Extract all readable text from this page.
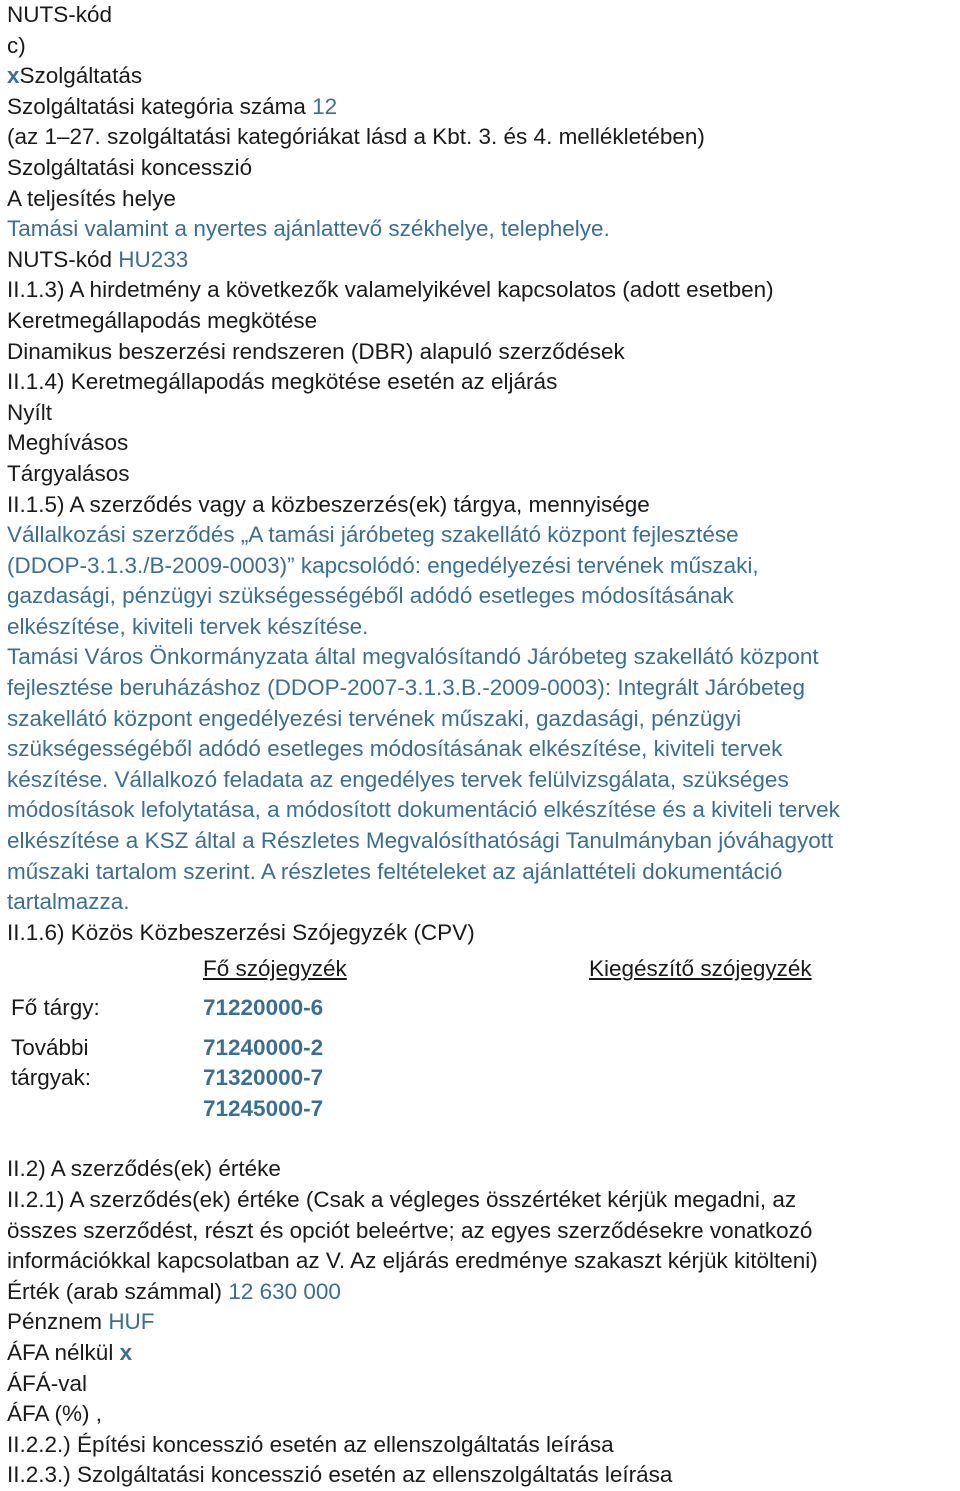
NUTS-kód
c)
xSzolgáltatás
Szolgáltatási kategória száma 12
(az 1–27. szolgáltatási kategóriákat lásd a Kbt. 3. és 4. mellékletében)
Szolgáltatási koncesszió
A teljesítés helye
Tamási valamint a nyertes ajánlattevő székhelye, telephelye.
NUTS-kód HU233
II.1.3) A hirdetmény a következők valamelyikével kapcsolatos (adott esetben)
Keretmegállapodás megkötése
Dinamikus beszerzési rendszeren (DBR) alapuló szerződések
II.1.4) Keretmegállapodás megkötése esetén az eljárás
Nyílt
Meghívásos
Tárgyalásos
II.1.5) A szerződés vagy a közbeszerzés(ek) tárgya, mennyisége
Vállalkozási szerződés „A tamási járóbeteg szakellátó központ fejlesztése
(DDOP-3.1.3./B-2009-0003)” kapcsolódó: engedélyezési tervének műszaki,
gazdasági, pénzügyi szükségességéből adódó esetleges módosításának
elkészítése, kiviteli tervek készítése.
Tamási Város Önkormányzata által megvalósítandó Járóbeteg szakellátó központ
fejlesztése beruházáshoz (DDOP-2007-3.1.3.B.-2009-0003): Integrált Járóbeteg
szakellátó központ engedélyezési tervének műszaki, gazdasági, pénzügyi
szükségességéből adódó esetleges módosításának elkészítése, kiviteli tervek
készítése. Vállalkozó feladata az engedélyes tervek felülvizsgálata, szükséges
módosítások lefolytatása, a módosított dokumentáció elkészítése és a kiviteli tervek
elkészítése a KSZ által a Részletes Megvalósíthatósági Tanulmányban jóváhagyott
műszaki tartalom szerint. A részletes feltételeket az ajánlattételi dokumentáció
tartalmazza.
II.1.6) Közös Közbeszerzési Szójegyzék (CPV)
Fő szójegyzék	Kiegészítő szójegyzék
Fő tárgy:	71220000-6
További
tárgyak:
71240000-2
71320000-7
71245000-7
II.2) A szerződés(ek) értéke
II.2.1) A szerződés(ek) értéke (Csak a végleges összértéket kérjük megadni, az
összes szerződést, részt és opciót beleértve; az egyes szerződésekre vonatkozó
információkkal kapcsolatban az V. Az eljárás eredménye szakaszt kérjük kitölteni)
Érték (arab számmal) 12 630 000
Pénznem HUF
ÁFA nélkül x
ÁFÁ-val
ÁFA (%) ,
II.2.2.) Építési koncesszió esetén az ellenszolgáltatás leírása
II.2.3.) Szolgáltatási koncesszió esetén az ellenszolgáltatás leírása
